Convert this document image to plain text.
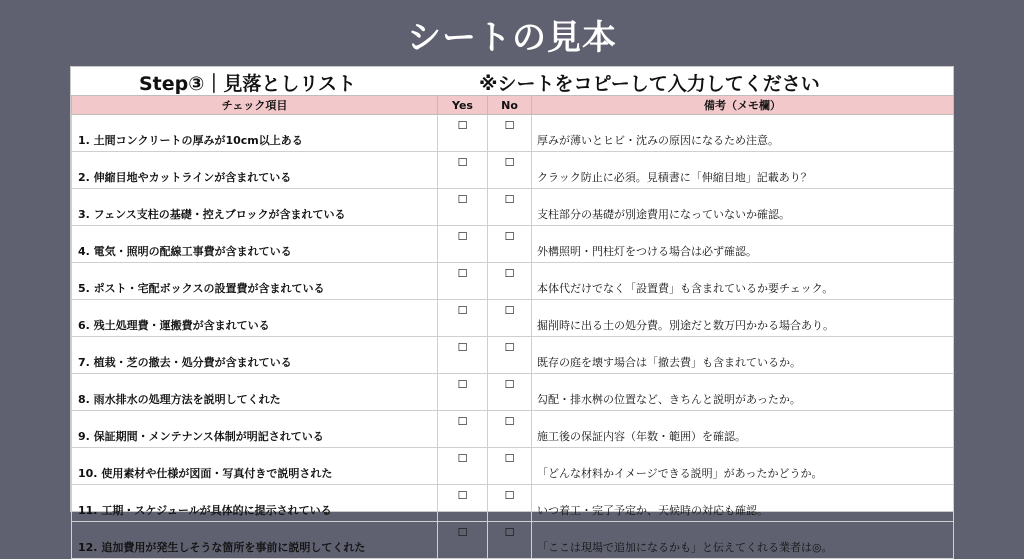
シートの見本
Step③｜見落としリスト	※シートをコピーして入力してください
チェック項目	Yes	No	備考（メモ欄）
1. 土間コンクリートの厚みが10cm以上ある	☐	☐	厚みが薄いとヒビ・沈みの原因になるため注意。
2. 伸縮目地やカットラインが含まれている	☐	☐	クラック防止に必須。見積書に「伸縮目地」記載あり？
3. フェンス支柱の基礎・控えブロックが含まれている	☐	☐	支柱部分の基礎が別途費用になっていないか確認。
4. 電気・照明の配線工事費が含まれている	☐	☐	外構照明・門柱灯をつける場合は必ず確認。
5. ポスト・宅配ボックスの設置費が含まれている	☐	☐	本体代だけでなく「設置費」も含まれているか要チェック。
6. 残土処理費・運搬費が含まれている	☐	☐	掘削時に出る土の処分費。別途だと数万円かかる場合あり。
7. 植栽・芝の撤去・処分費が含まれている	☐	☐	既存の庭を壊す場合は「撤去費」も含まれているか。
8. 雨水排水の処理方法を説明してくれた	☐	☐	勾配・排水桝の位置など、きちんと説明があったか。
9. 保証期間・メンテナンス体制が明記されている	☐	☐	施工後の保証内容（年数・範囲）を確認。
10. 使用素材や仕様が図面・写真付きで説明された	☐	☐	「どんな材料かイメージできる説明」があったかどうか。
11. 工期・スケジュールが具体的に提示されている	☐	☐	いつ着工・完了予定か、天候時の対応も確認。
12. 追加費用が発生しそうな箇所を事前に説明してくれた	☐	☐	「ここは現場で追加になるかも」と伝えてくれる業者は◎。
